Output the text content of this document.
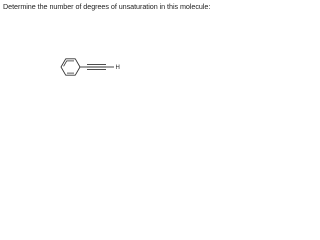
Determine the number of degrees of unsaturation in this molecule:
H
